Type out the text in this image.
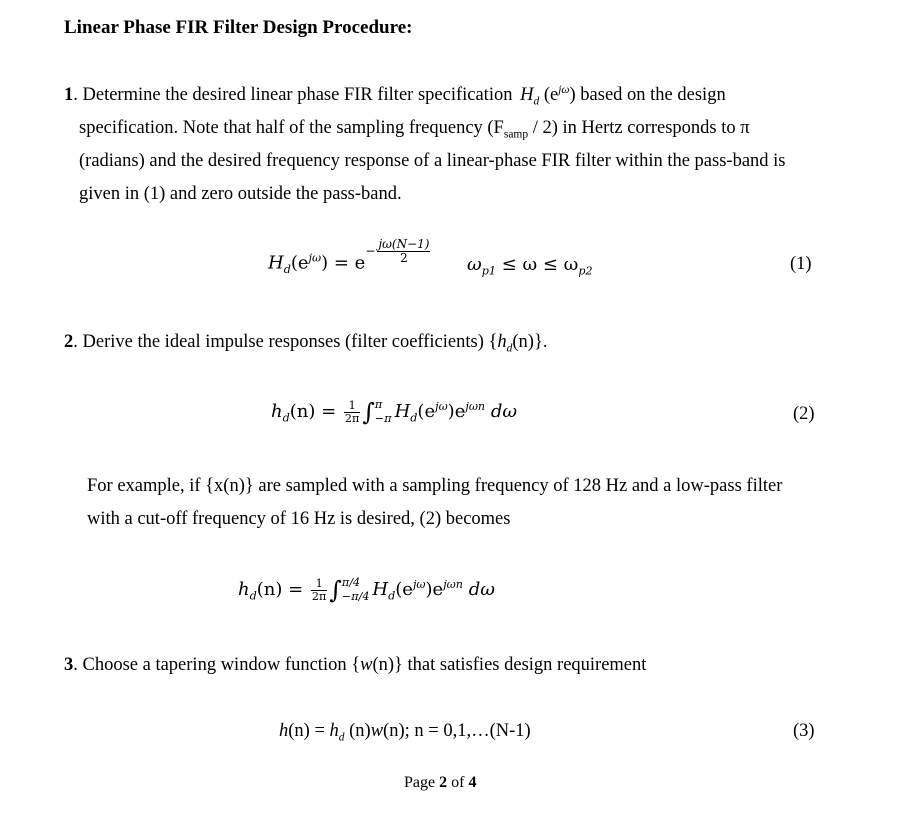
Linear Phase FIR Filter Design Procedure:
1. Determine the desired linear phase FIR filter specification $H_d$ $(e^{j\omega})$ based on the design
specification. Note that half of the sampling frequency $(F_{samp} / 2)$ in Hertz corresponds to π
(radians) and the desired frequency response of a linear-phase FIR filter within the pass-band is
given in (1) and zero outside the pass-band.
$H_d(e^{j\omega}) = e^{- \frac{j\omega(N-1)}{2}}$
$\omega_{p1} \le \omega \le \omega_{p2}$	(1)
2. Derive the ideal impulse responses (filter coefficients) $\{h_d(n)\}$.
$h_d(n) = \frac{1}{2\pi}$ ∫ π
−π $H_d(e^{j\omega})e^{j\omega n}$ dω	(2)
For example, if {x(n)} are sampled with a sampling frequency of 128 Hz and a low-pass filter
with a cut-off frequency of 16 Hz is desired, (2) becomes
$h_d(n) = \frac{1}{2\pi}$ ∫ π/4
−π/4 $H_d(e^{j\omega})e^{j\omega n}$ dω
3. Choose a tapering window function {w(n)} that satisfies design requirement
$h(n) = h_d$ (n)w(n); n = 0,1,…(N-1)	(3)
Page 2 of 4
